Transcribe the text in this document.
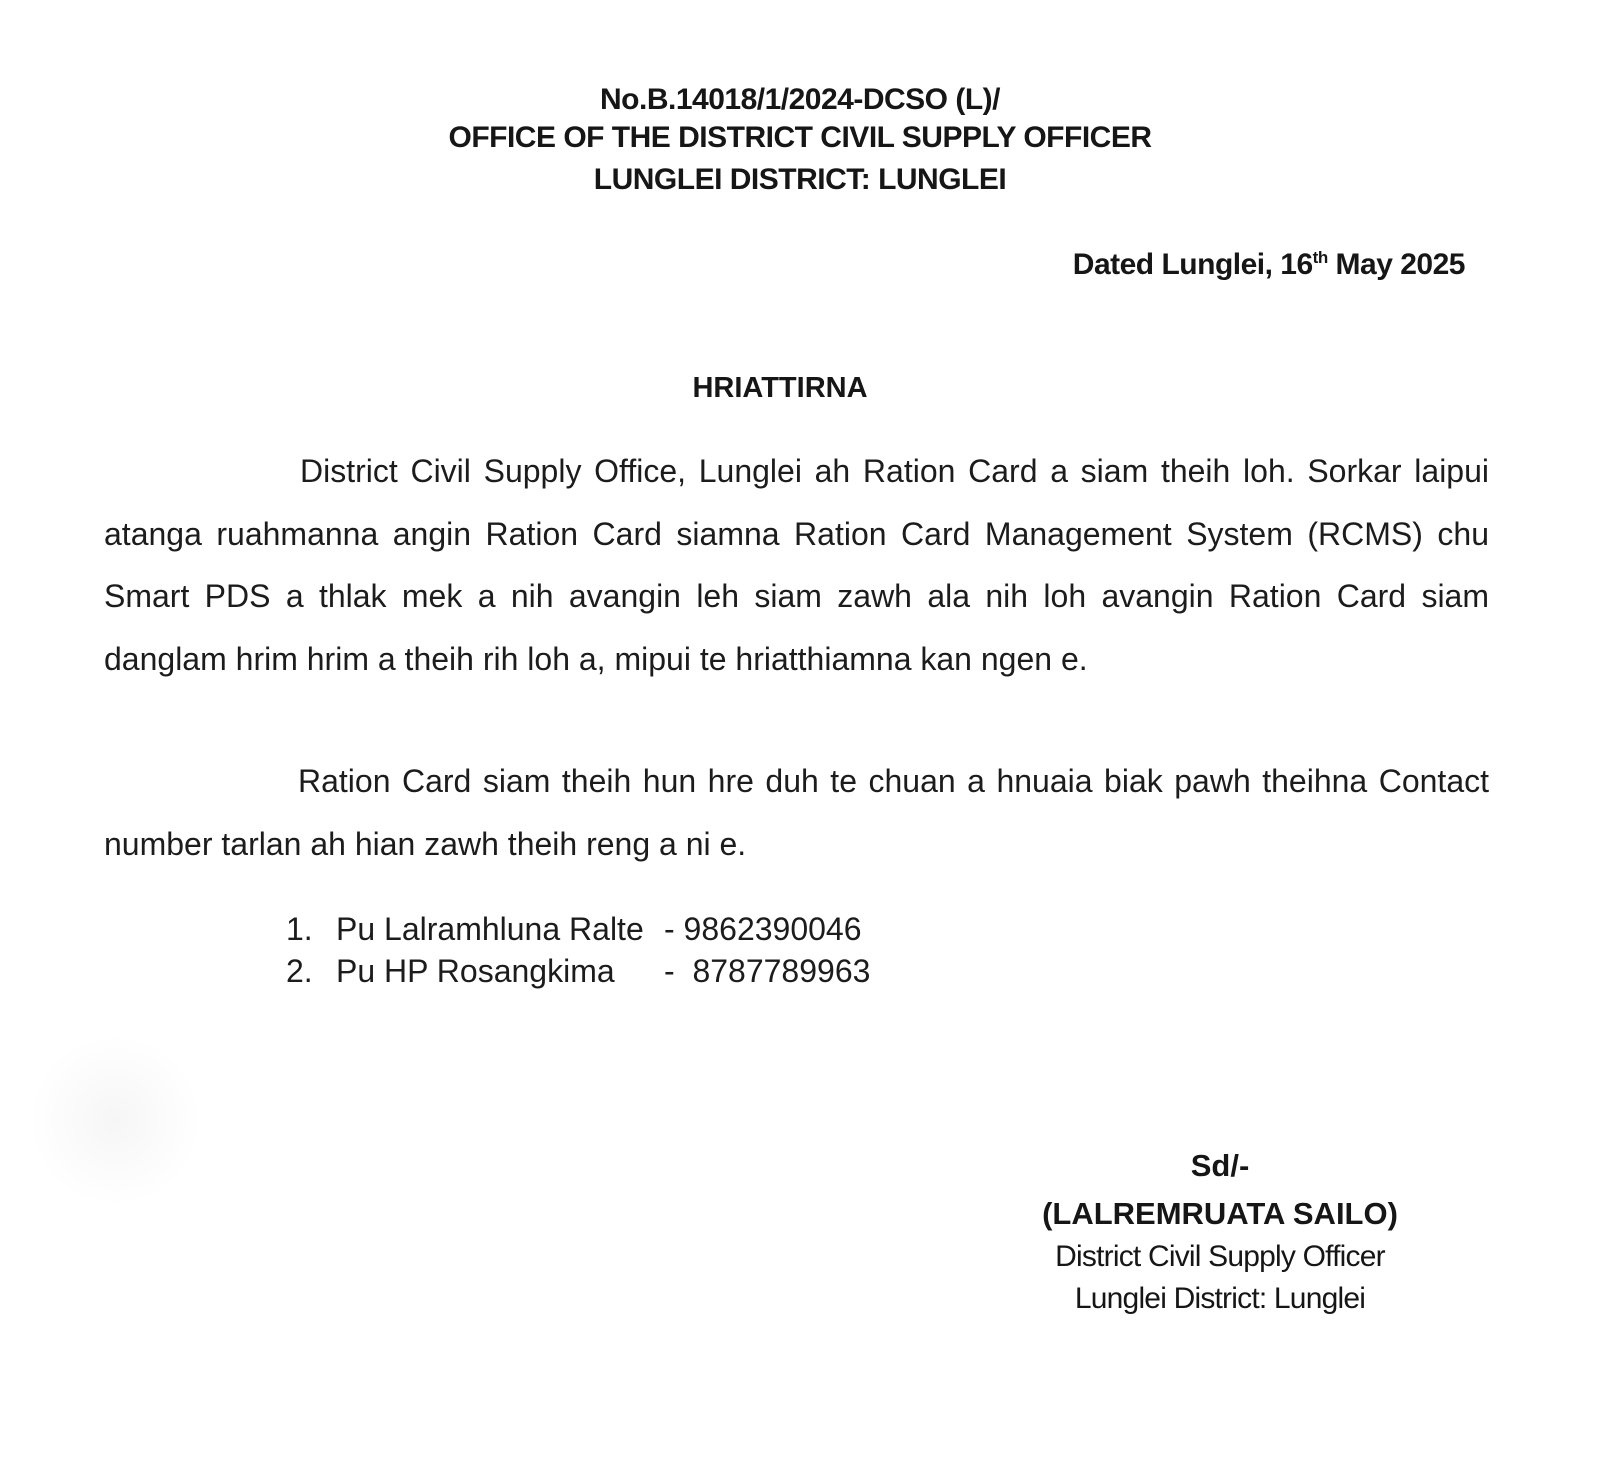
No.B.14018/1/2024-DCSO (L)/
OFFICE OF THE DISTRICT CIVIL SUPPLY OFFICER
LUNGLEI DISTRICT: LUNGLEI
Dated Lunglei, 16th May 2025
HRIATTIRNA
District Civil Supply Office, Lunglei ah Ration Card a siam theih loh. Sorkar laipui atanga ruahmanna angin Ration Card siamna Ration Card Management System (RCMS) chu Smart PDS a thlak mek a nih avangin leh siam zawh ala nih loh avangin Ration Card siam danglam hrim hrim a theih rih loh a, mipui te hriatthiamna kan ngen e.
Ration Card siam theih hun hre duh te chuan a hnuaia biak pawh theihna Contact number tarlan ah hian zawh theih reng a ni e.
1. Pu Lalramhluna Ralte - 9862390046
2. Pu HP Rosangkima	-  8787789963
Sd/-
(LALREMRUATA SAILO)
District Civil Supply Officer
Lunglei District: Lunglei
